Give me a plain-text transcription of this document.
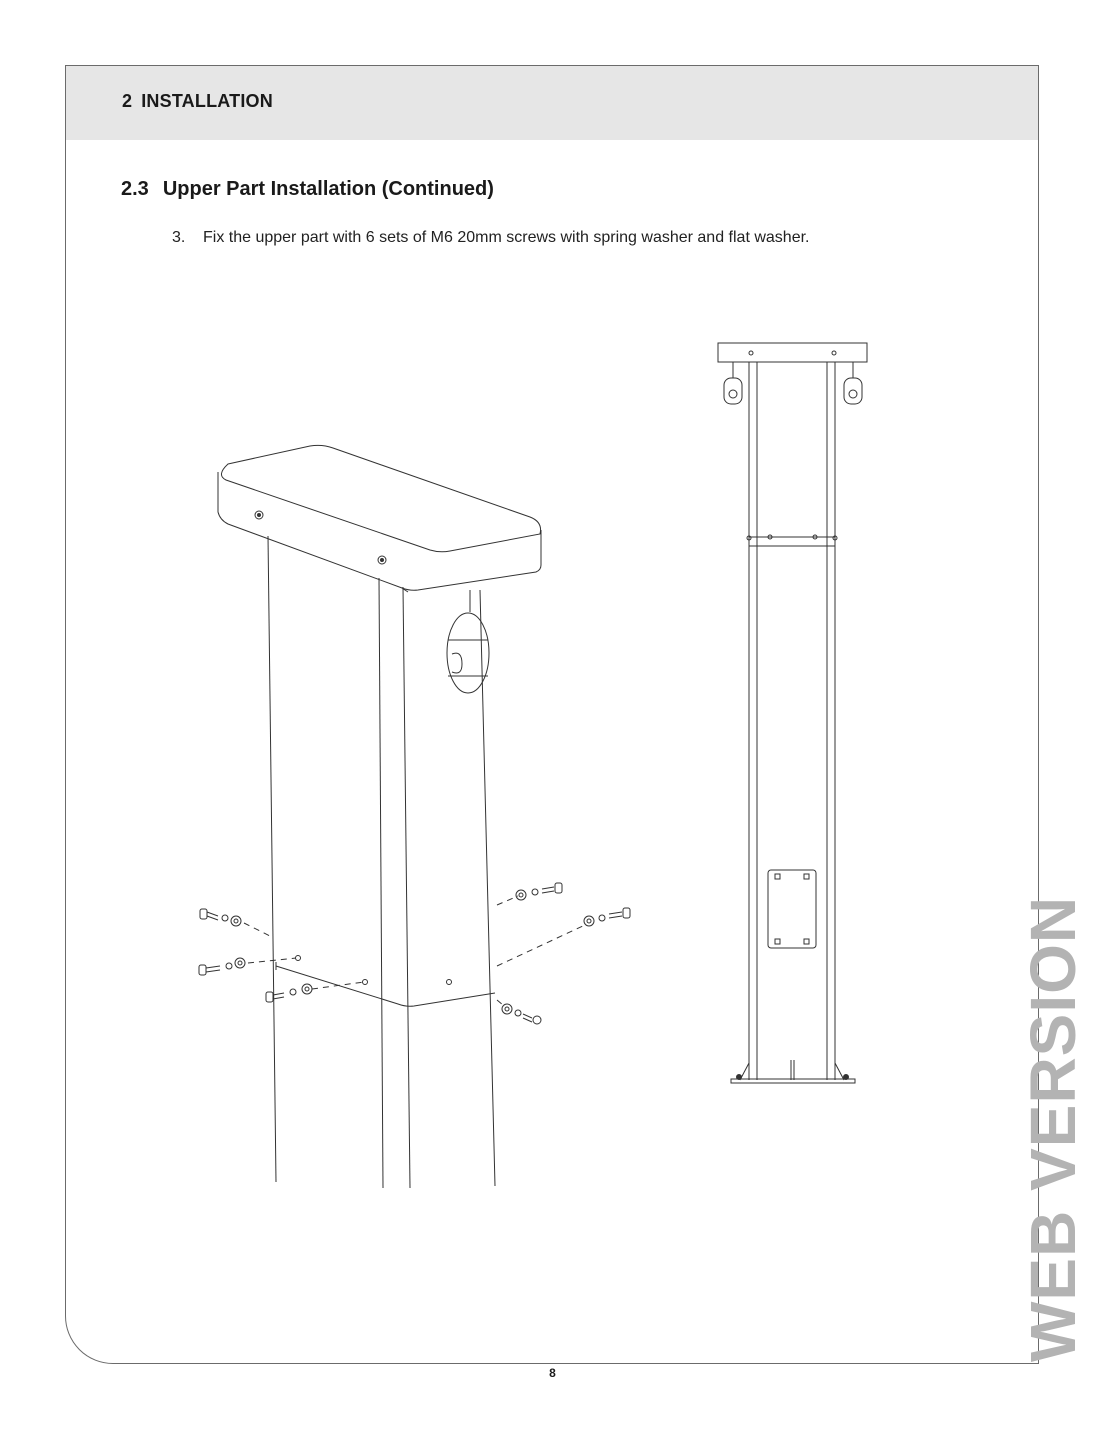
2 INSTALLATION
2.3 Upper Part Installation (Continued)
3. Fix the upper part with 6 sets of M6 20mm screws with spring washer and flat washer.
8
WEB VERSION
